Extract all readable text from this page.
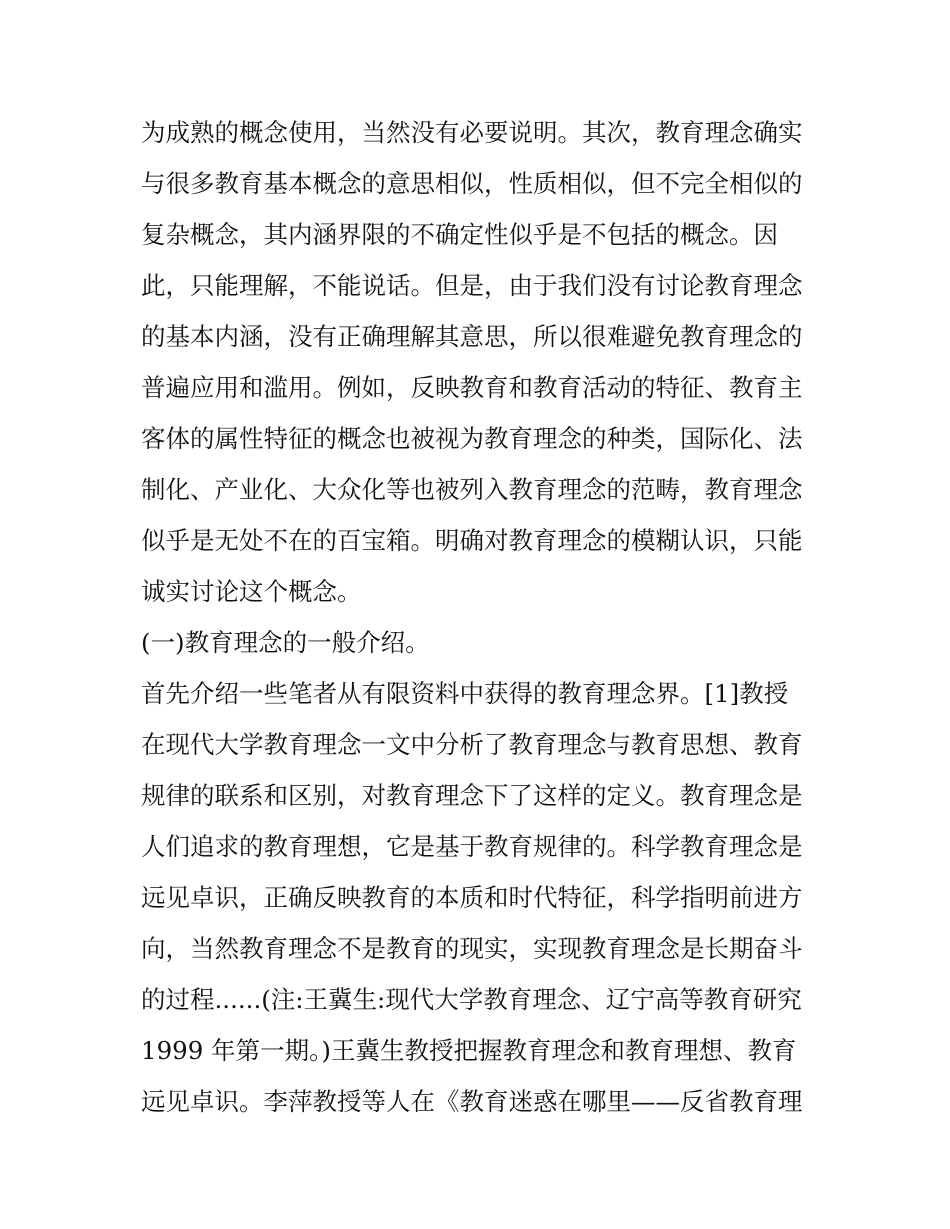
为成熟的概念使用，当然没有必要说明。其次，教育理念确实
与很多教育基本概念的意思相似，性质相似，但不完全相似的
复杂概念，其内涵界限的不确定性似乎是不包括的概念。因
此，只能理解，不能说话。但是，由于我们没有讨论教育理念
的基本内涵，没有正确理解其意思，所以很难避免教育理念的
普遍应用和滥用。例如，反映教育和教育活动的特征、教育主
客体的属性特征的概念也被视为教育理念的种类，国际化、法
制化、产业化、大众化等也被列入教育理念的范畴，教育理念
似乎是无处不在的百宝箱。明确对教育理念的模糊认识，只能
诚实讨论这个概念。
(一)教育理念的一般介绍。
首先介绍一些笔者从有限资料中获得的教育理念界。[1]教授
在现代大学教育理念一文中分析了教育理念与教育思想、教育
规律的联系和区别，对教育理念下了这样的定义。教育理念是
人们追求的教育理想，它是基于教育规律的。科学教育理念是
远见卓识，正确反映教育的本质和时代特征，科学指明前进方
向，当然教育理念不是教育的现实，实现教育理念是长期奋斗
的过程......(注:王冀生:现代大学教育理念、辽宁高等教育研究
1999 年第一期。)王冀生教授把握教育理念和教育理想、教育
远见卓识。李萍教授等人在《教育迷惑在哪里——反省教育理
